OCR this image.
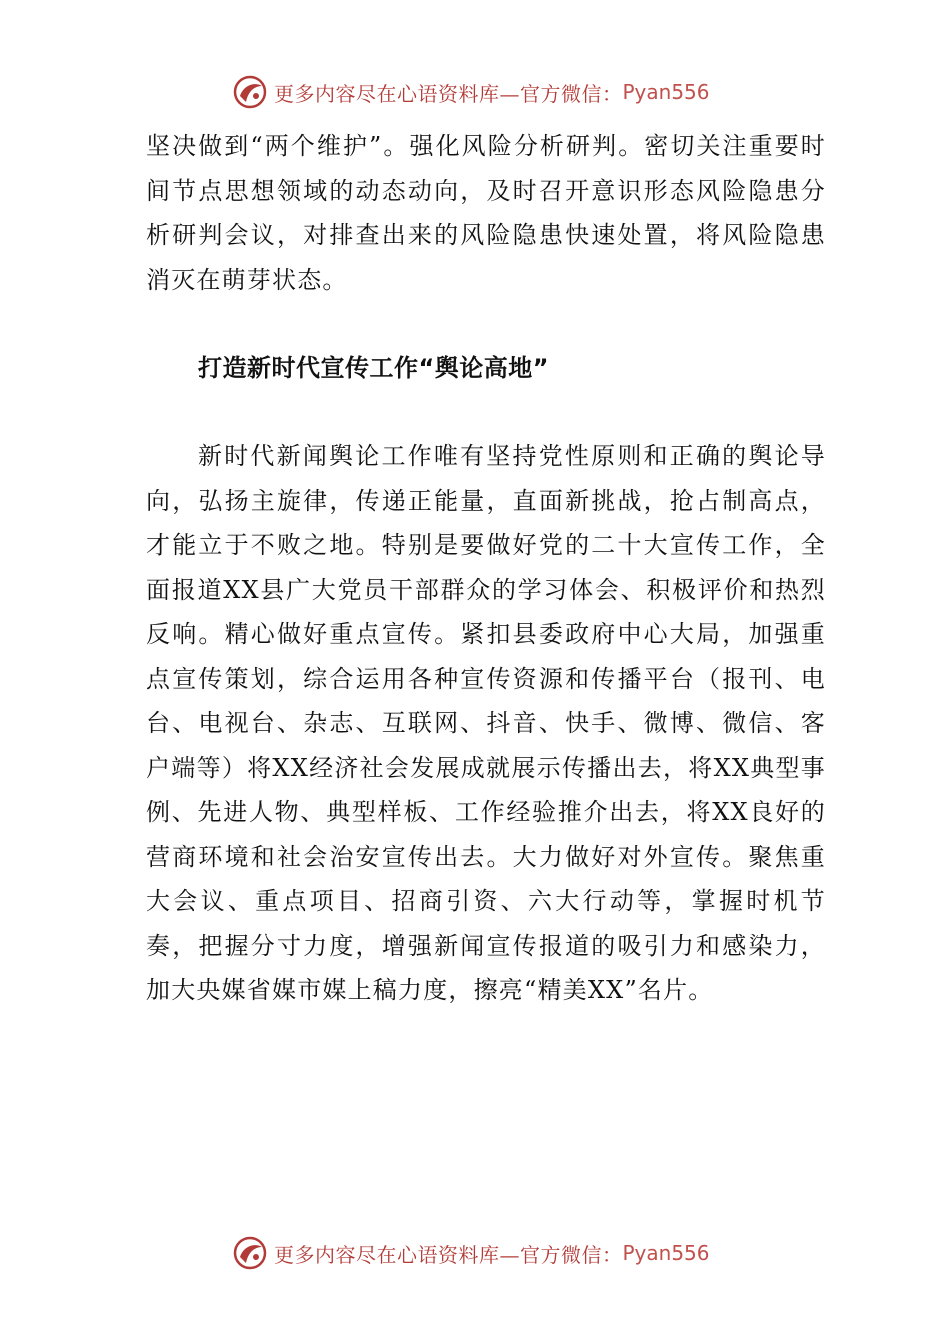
更多内容尽在心语资料库—官方微信： Pyan556

坚决做到“两个维护”。强化风险分析研判。密切关注重要时间节点思想领域的动态动向，及时召开意识形态风险隐患分析研判会议，对排查出来的风险隐患快速处置，将风险隐患消灭在萌芽状态。

打造新时代宣传工作“舆论高地”

新时代新闻舆论工作唯有坚持党性原则和正确的舆论导向，弘扬主旋律，传递正能量，直面新挑战，抢占制高点，才能立于不败之地。特别是要做好党的二十大宣传工作，全面报道XX县广大党员干部群众的学习体会、积极评价和热烈反响。精心做好重点宣传。紧扣县委政府中心大局，加强重点宣传策划，综合运用各种宣传资源和传播平台（报刊、电台、电视台、杂志、互联网、抖音、快手、微博、微信、客户端等）将XX经济社会发展成就展示传播出去，将XX典型事例、先进人物、典型样板、工作经验推介出去，将XX良好的营商环境和社会治安宣传出去。大力做好对外宣传。聚焦重大会议、重点项目、招商引资、六大行动等，掌握时机节奏，把握分寸力度，增强新闻宣传报道的吸引力和感染力，加大央媒省媒市媒上稿力度，擦亮“精美XX”名片。

更多内容尽在心语资料库—官方微信： Pyan556
